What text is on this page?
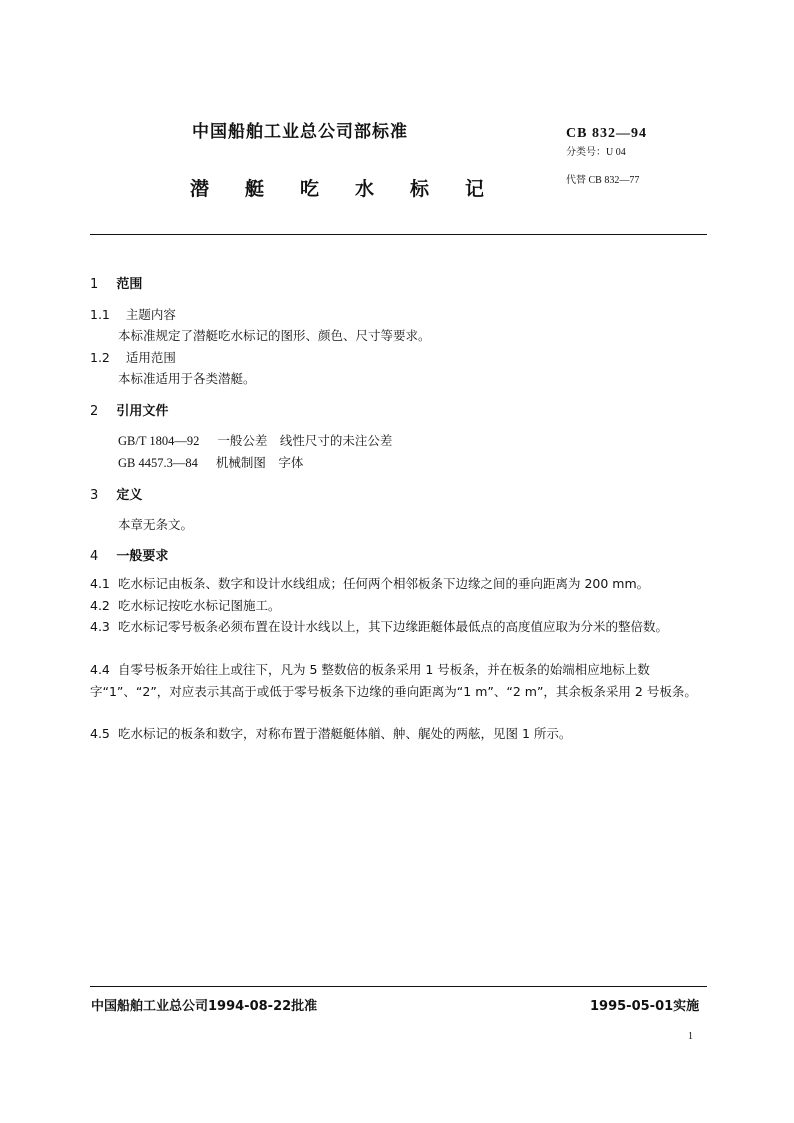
中国船舶工业总公司部标准	CB 832—94
分类号：U 04
潜艇吃水标记	代替 CB 832—77
1 范围
1.1 主题内容
本标准规定了潜艇吃水标记的图形、颜色、尺寸等要求。
1.2 适用范围
本标准适用于各类潜艇。
2 引用文件
GB/T 1804—92 一般公差　线性尺寸的未注公差
GB 4457.3—84 机械制图　字体
3 定义
本章无条文。
4 一般要求
4.1 吃水标记由板条、数字和设计水线组成；任何两个相邻板条下边缘之间的垂向距离为 200 mm。
4.2 吃水标记按吃水标记图施工。
4.3 吃水标记零号板条必须布置在设计水线以上，其下边缘距艇体最低点的高度值应取为分米的整倍数。
4.4 自零号板条开始往上或往下，凡为 5 整数倍的板条采用 1 号板条，并在板条的始端相应地标上数字“1”、“2”，对应表示其高于或低于零号板条下边缘的垂向距离为“1 m”、“2 m”，其余板条采用 2 号板条。
4.5 吃水标记的板条和数字，对称布置于潜艇艇体艏、舯、艉处的两舷，见图 1 所示。
中国船舶工业总公司1994-08-22批准	1995-05-01实施
1
